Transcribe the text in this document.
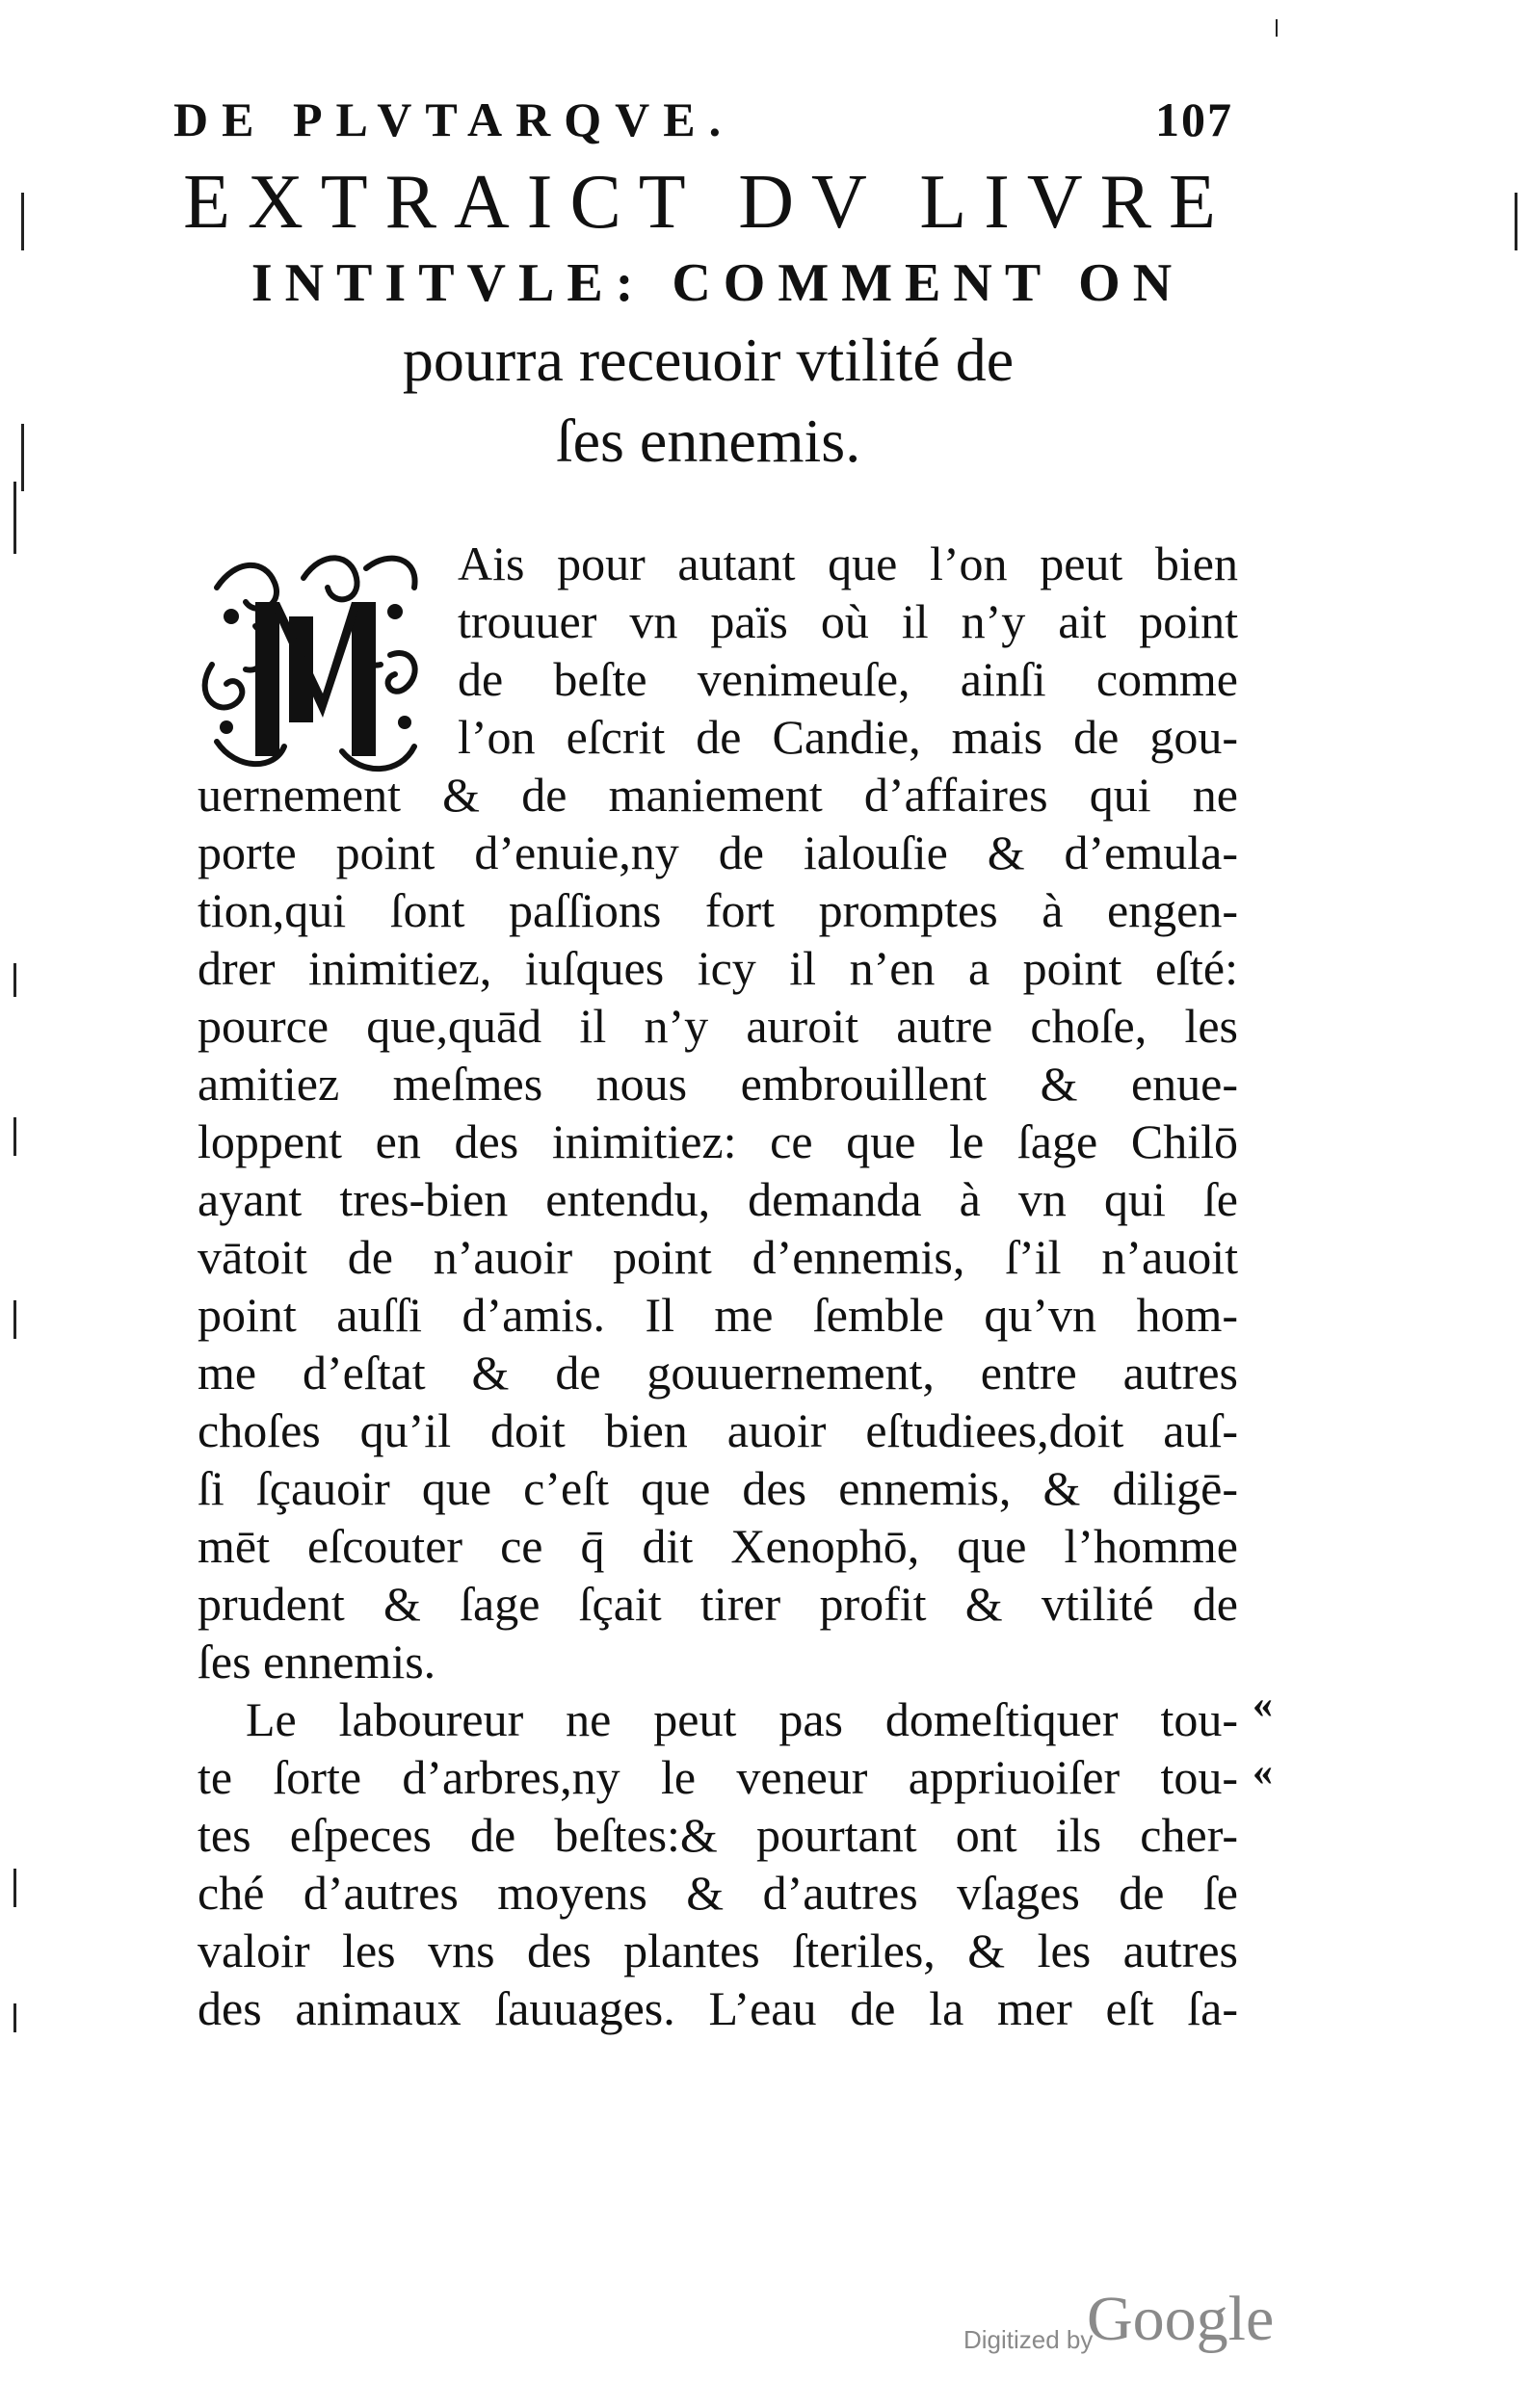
DE PLVTARQVE.	107
EXTRAICT DV LIVRE
INTITVLE: COMMENT ON
pourra receuoir vtilité de
ſes ennemis.
M
Ais pour autant que l’on peut bien
trouuer vn païs où il n’y ait point
de beſte venimeuſe, ainſi comme
l’on eſcrit de Candie, mais de gou-
uernement & de maniement d’affaires qui ne
porte point d’enuie,ny de ialouſie & d’emula-
tion,qui ſont paſſions fort promptes à engen-
drer inimitiez, iuſques icy il n’en a point eſté:
pource que,quād il n’y auroit autre choſe, les
amitiez meſmes nous embrouillent & enue-
loppent en des inimitiez: ce que le ſage Chilō
ayant tres-bien entendu, demanda à vn qui ſe
vātoit de n’auoir point d’ennemis, ſ’il n’auoit
point auſſi d’amis. Il me ſemble qu’vn hom-
me d’eſtat & de gouuernement, entre autres
choſes qu’il doit bien auoir eſtudiees,doit auſ-
ſi ſçauoir que c’eſt que des ennemis, & diligē-
mēt eſcouter ce q̄ dit Xenophō, que l’homme
prudent & ſage ſçait tirer profit & vtilité de
ſes ennemis.
Le laboureur ne peut pas domeſtiquer tou-
te ſorte d’arbres,ny le veneur appriuoiſer tou-
tes eſpeces de beſtes:& pourtant ont ils cher-
ché d’autres moyens & d’autres vſages de ſe
valoir les vns des plantes ſteriles, & les autres
des animaux ſauuages. L’eau de la mer eſt ſa-
«
«
Digitized by
Google
